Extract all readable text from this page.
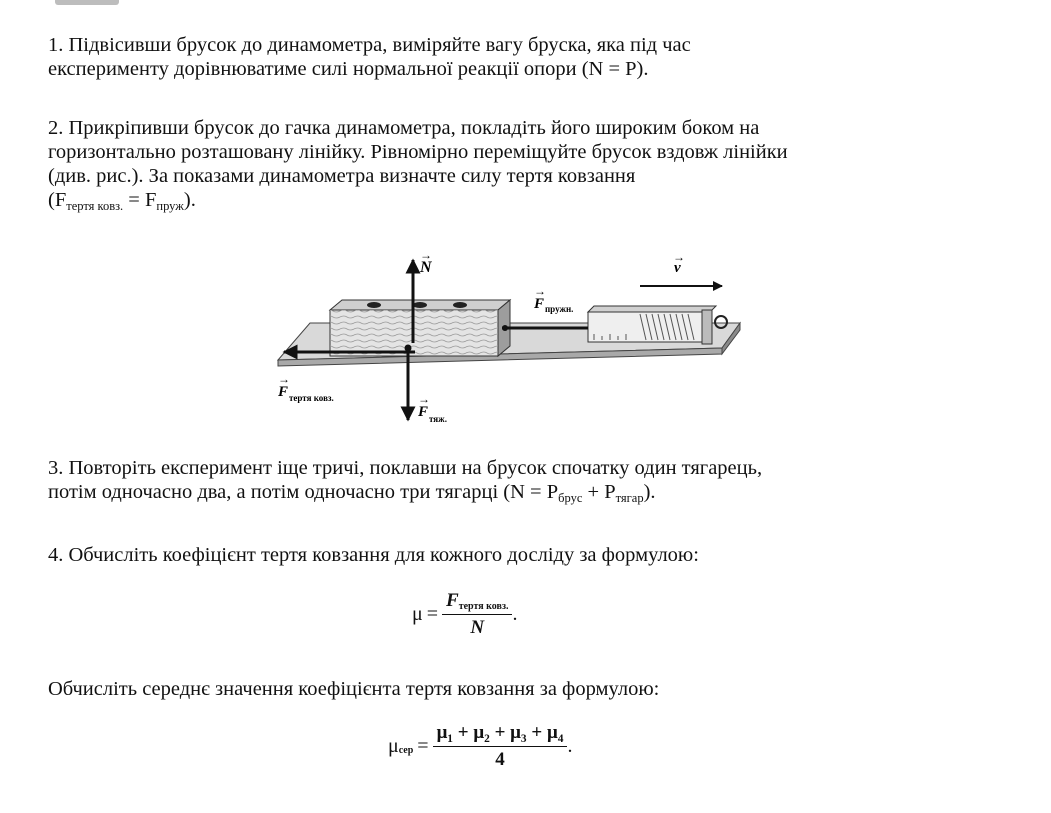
1. Підвісивши брусок до динамометра, виміряйте вагу бруска, яка під час
експерименту дорівнюватиме силі нормальної реакції опори (N = P).

2. Прикріпивши брусок до гачка динамометра, покладіть його широким боком на
горизонтально розташовану лінійку. Рівномірно переміщуйте брусок вздовж лінійки
(див. рис.). За показами динамометра визначте силу тертя ковзання
$(F_{тертя ковз.} = F_{пруж})$.

N
→
v
→
F
→
пружн.
F
→
тертя ковз.
F
→
тяж.

3. Повторіть експеримент іще тричі, поклавши на брусок спочатку один тягарець,
потім одночасно два, а потім одночасно три тягарці $(N = P_{брус} + P_{тягар})$.

4. Обчисліть коефіцієнт тертя ковзання для кожного досліду за формулою:

$\mu = \frac{\text{Fтертя ковз.}}{N}$ .

Обчисліть середнє значення коефіцієнта тертя ковзання за формулою:

$\mu сер = \frac{\text{μ₁ + μ₂ + μ₃ + μ₄}}{4}$ .
